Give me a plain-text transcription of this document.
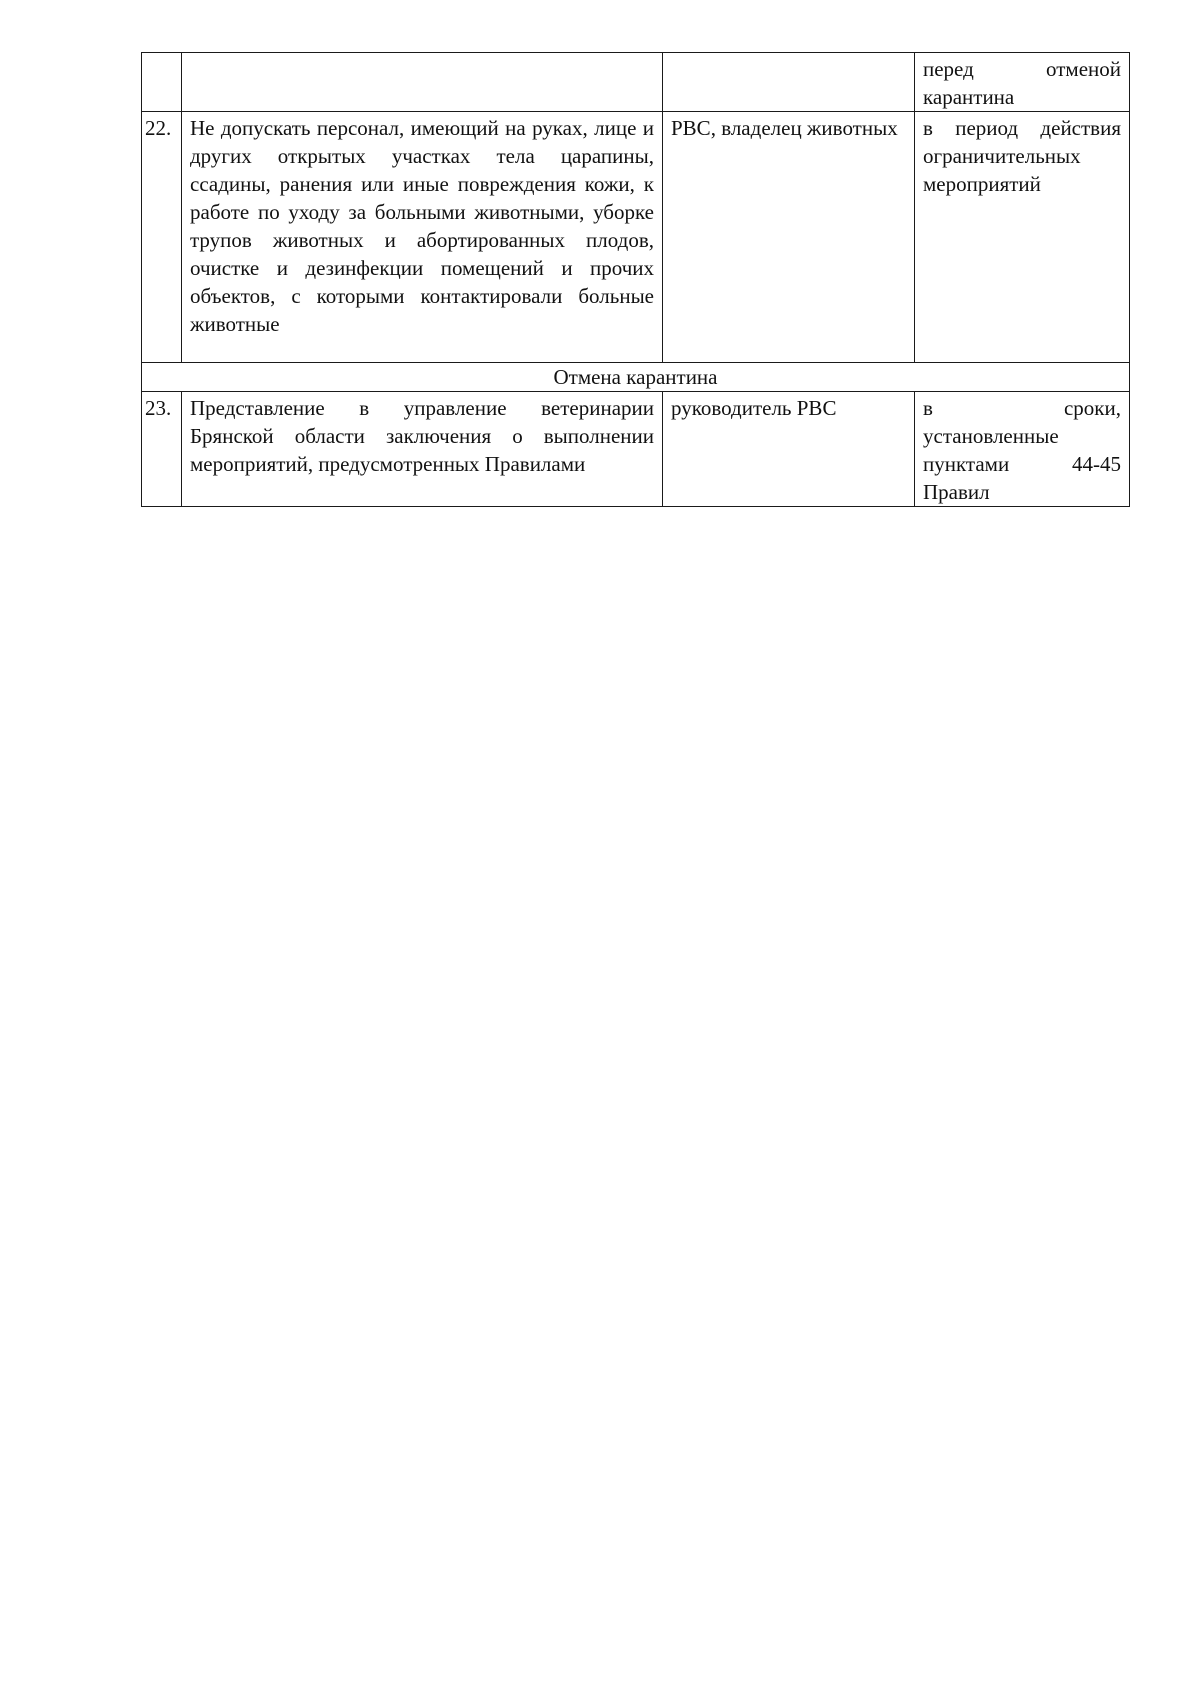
			перед отменой карантина
22.	Не допускать персонал, имеющий на руках, лице и других открытых участках тела царапины, ссадины, ранения или иные повреждения кожи, к работе по уходу за больными животными, уборке трупов животных и абортированных плодов, очистке и дезинфекции помещений и прочих объектов, с которыми контактировали больные животные	РВС, владелец животных	в период действия ограничительных мероприятий
Отмена карантина			
23.	Представление в управление ветеринарии Брянской области заключения о выполнении мероприятий, предусмотренных Правилами	руководитель РВС	в сроки, установленные пунктами 44-45 Правил
